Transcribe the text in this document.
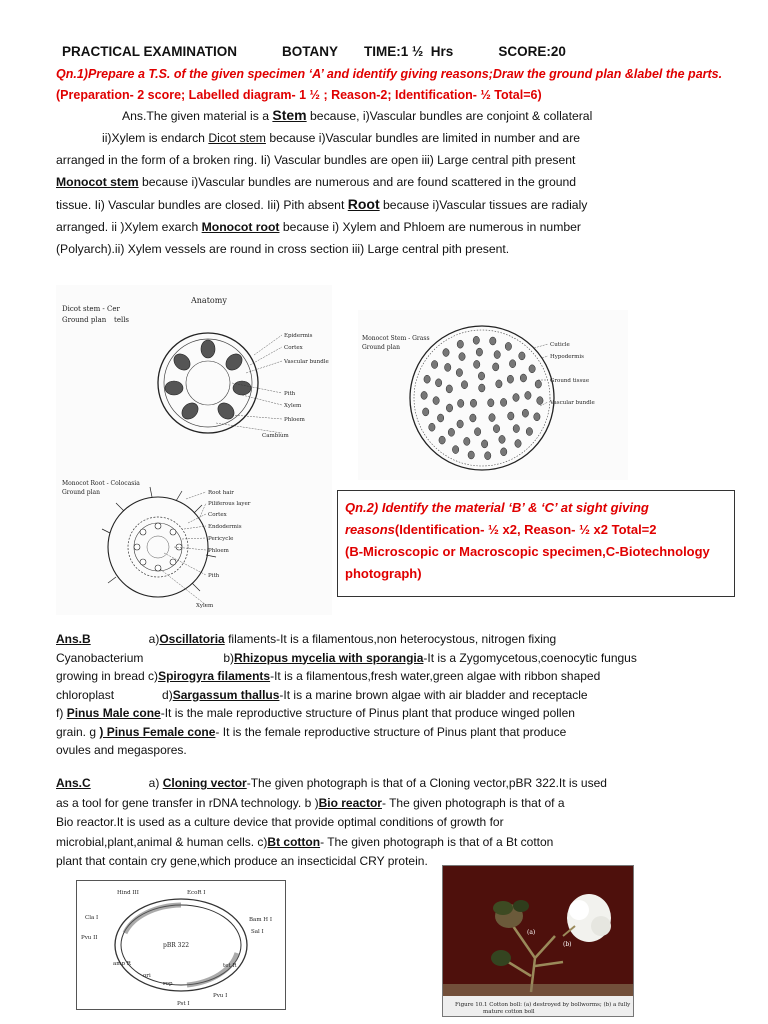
PRACTICAL EXAMINATION	BOTANY TIME:1 ½  Hrs	SCORE:20
Qn.1)Prepare a T.S. of the given specimen ‘A’ and identify giving reasons;Draw the ground plan &label the parts.
(Preparation- 2 score; Labelled diagram- 1 ½ ; Reason-2; Identification- ½ Total=6)
Ans.The given material is a Stem because, i)Vascular bundles are conjoint & collateral
ii)Xylem is endarch Dicot stem because i)Vascular bundles are limited in number and are
arranged in the form of a broken ring. Ii) Vascular bundles are open iii) Large central pith present
Monocot stem because i)Vascular bundles are numerous and are found scattered in the ground
tissue. Ii) Vascular bundles are closed. Iii) Pith absent Root because i)Vascular tissues are radialy
arranged. ii )Xylem exarch Monocot root because i) Xylem and Phloem are numerous in number
(Polyarch).ii) Xylem vessels are round in cross section iii) Large central pith present.
Dicot stem - Cer
Ground plan tells
Anatomy
Epidermis
Cortex
Vascular bundle
Pith
Xylem
Phloem
Cambium
Monocot Root - Colocasia
Ground plan	Root hair
Piliferous layer
Cortex
Endodermis
Pericycle
Phloem
Pith
Xylem
Monocot Stem - Grass
Ground plan	Cuticle
Hypodermis
Ground tissue
Vascular bundle
Qn.2) Identify the material ‘B’ & ‘C’ at sight giving
reasons(Identification- ½ x2, Reason- ½ x2 Total=2
(B-Microscopic or Macroscopic specimen,C-Biotechnology
photograph)
Ans.B	a)Oscillatoria filaments-It is a filamentous,non heterocystous, nitrogen fixing
Cyanobacterium	b)Rhizopus mycelia with sporangia-It is a Zygomycetous,coenocytic fungus
growing in bread c)Spirogyra filaments-It is a filamentous,fresh water,green algae with ribbon shaped
chloroplast	d)Sargassum thallus-It is a marine brown algae with air bladder and receptacle
f) Pinus Male cone-It is the male reproductive structure of Pinus plant that produce winged pollen
grain. g ) Pinus Female cone- It is the female reproductive structure of Pinus plant that produce
ovules and megaspores.
Ans.C	a) Cloning vector-The given photograph is that of a Cloning vector,pBR 322.It is used
as a tool for gene transfer in rDNA technology. b )Bio reactor- The given photograph is that of a
Bio reactor.It is used as a culture device that provide optimal conditions of growth for
microbial,plant,animal & human cells. c)Bt cotton- The given photograph is that of a Bt cotton
plant that contain cry gene,which produce an insecticidal CRY protein.
pBR 322
Hind III	EcoR I
Cla I
Pvu II
Bam H I
Sal I
ori
rop
amp R	tet R
Pst I
Pvu I
(a)
(b)
Figure 10.1 Cotton boll: (a) destroyed by bollworms; (b) a fully
mature cotton boll
